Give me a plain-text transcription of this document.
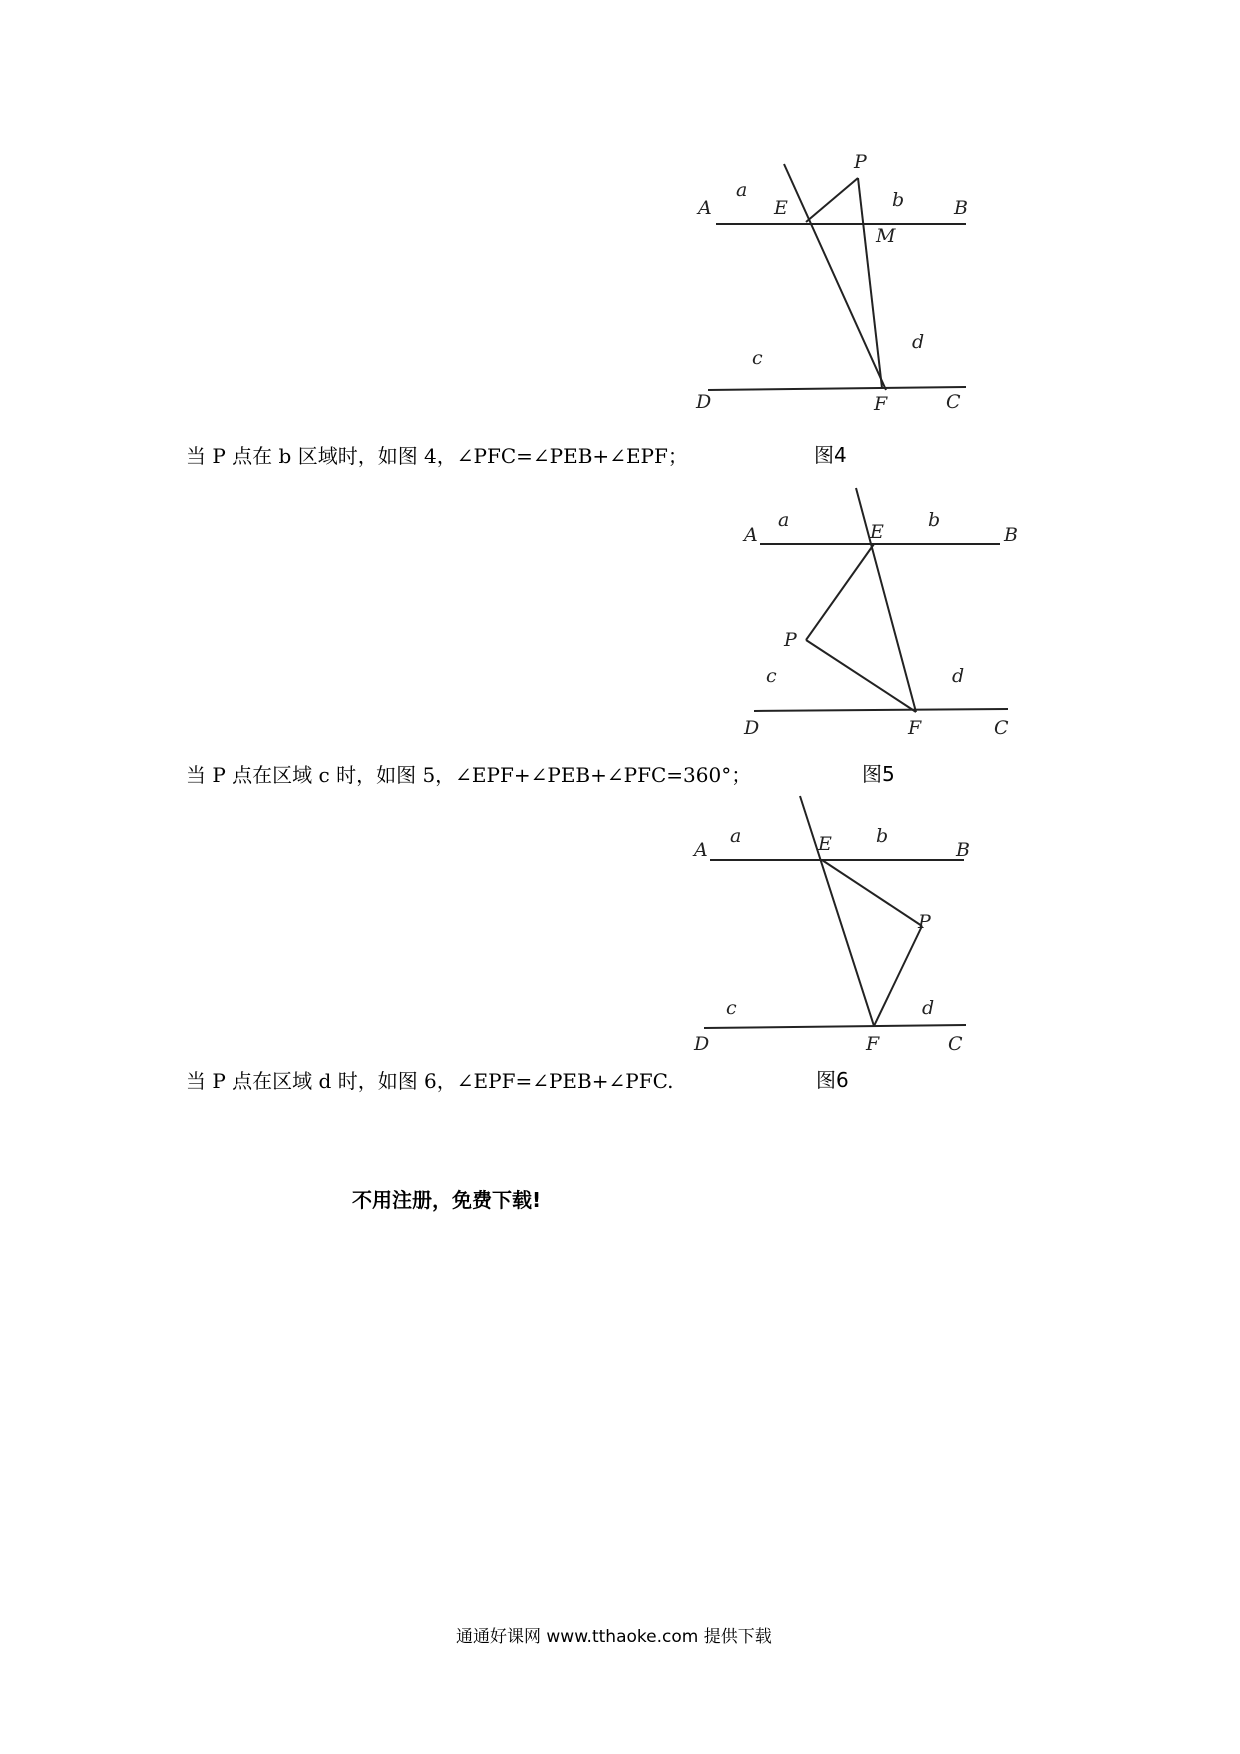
A	E
P
B
M
a	b
c
d
D	F	C
当 P 点在 b 区域时，如图 4，∠PFC=∠PEB+∠EPF；	图4
A
a
E
b
B
P
c	d
D	F	C
当 P 点在区域 c 时，如图 5，∠EPF+∠PEB+∠PFC=360°；	图5
A
a	E b
B
P
c	d
D	F	C
当 P 点在区域 d 时，如图 6，∠EPF=∠PEB+∠PFC.	图6
不用注册，免费下载!
通通好课网 www.tthaoke.com 提供下载
